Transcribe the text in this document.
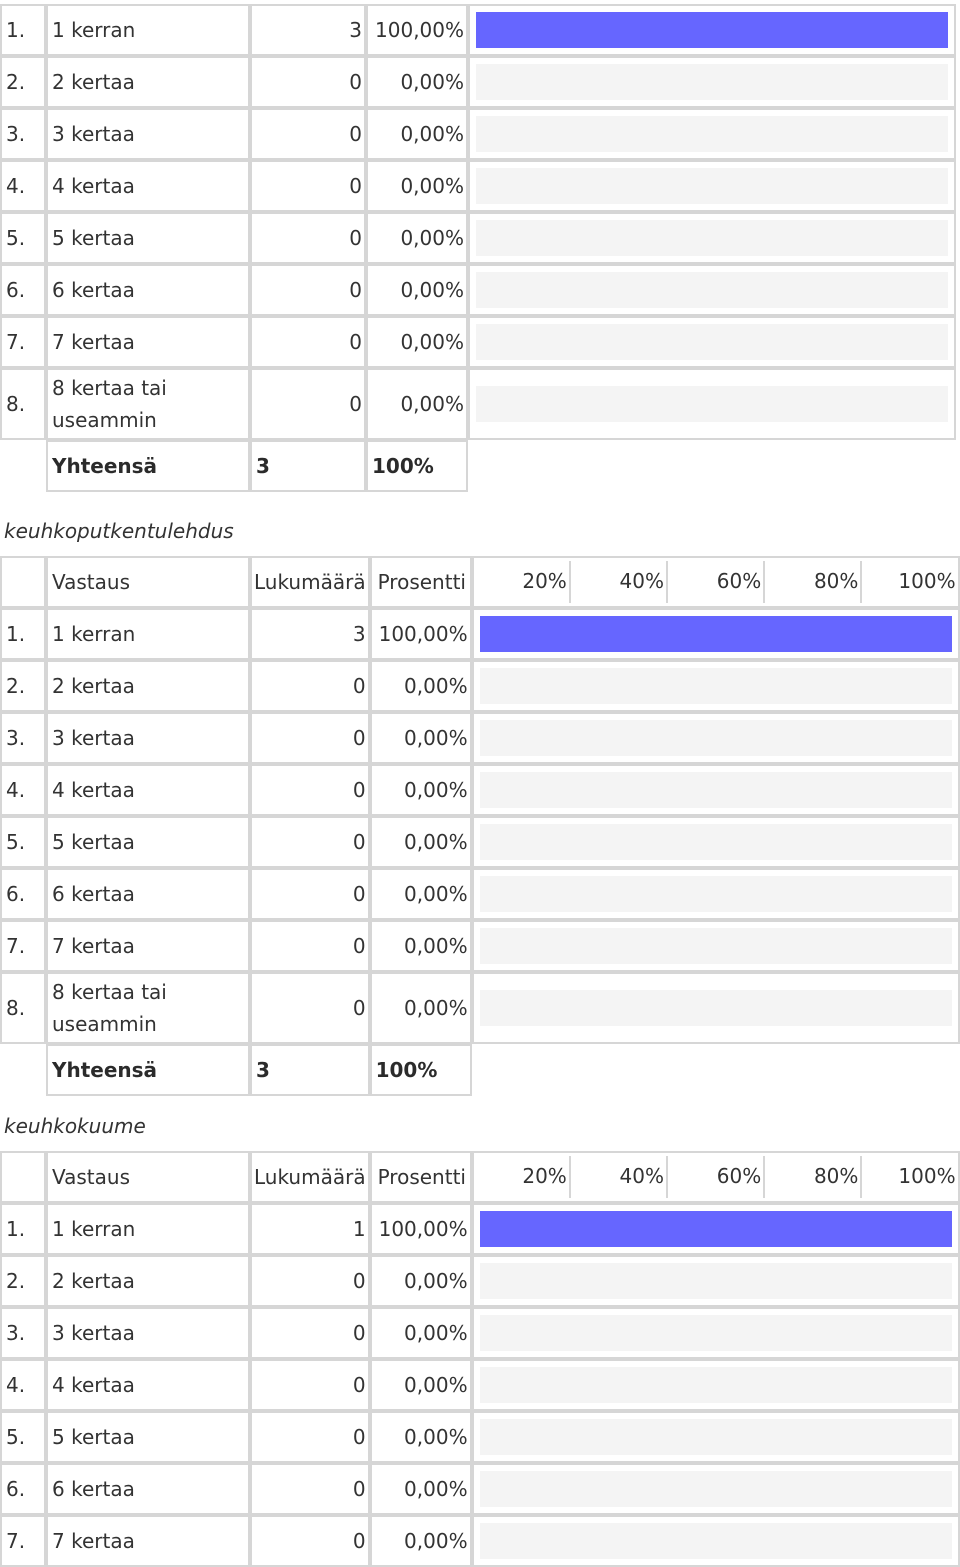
1.	1 kerran	3	100,00%	

2.	2 kertaa	0	0,00%	

3.	3 kertaa	0	0,00%	

4.	4 kertaa	0	0,00%	

5.	5 kertaa	0	0,00%	

6.	6 kertaa	0	0,00%	

7.	7 kertaa	0	0,00%	

8.	8 kertaa tai useammin	0	0,00%	

	Yhteensä	3	100%	
keuhkoputkentulehdus
	Vastaus	Lukumäärä	Prosentti	20% 40% 60% 80% 100%

1.	1 kerran	3	100,00%	

2.	2 kertaa	0	0,00%	

3.	3 kertaa	0	0,00%	

4.	4 kertaa	0	0,00%	

5.	5 kertaa	0	0,00%	

6.	6 kertaa	0	0,00%	

7.	7 kertaa	0	0,00%	

8.	8 kertaa tai useammin	0	0,00%	

	Yhteensä	3	100%	
keuhkokuume
	Vastaus	Lukumäärä	Prosentti	20% 40% 60% 80% 100%

1.	1 kerran	1	100,00%	

2.	2 kertaa	0	0,00%	

3.	3 kertaa	0	0,00%	

4.	4 kertaa	0	0,00%	

5.	5 kertaa	0	0,00%	

6.	6 kertaa	0	0,00%	

7.	7 kertaa	0	0,00%	
